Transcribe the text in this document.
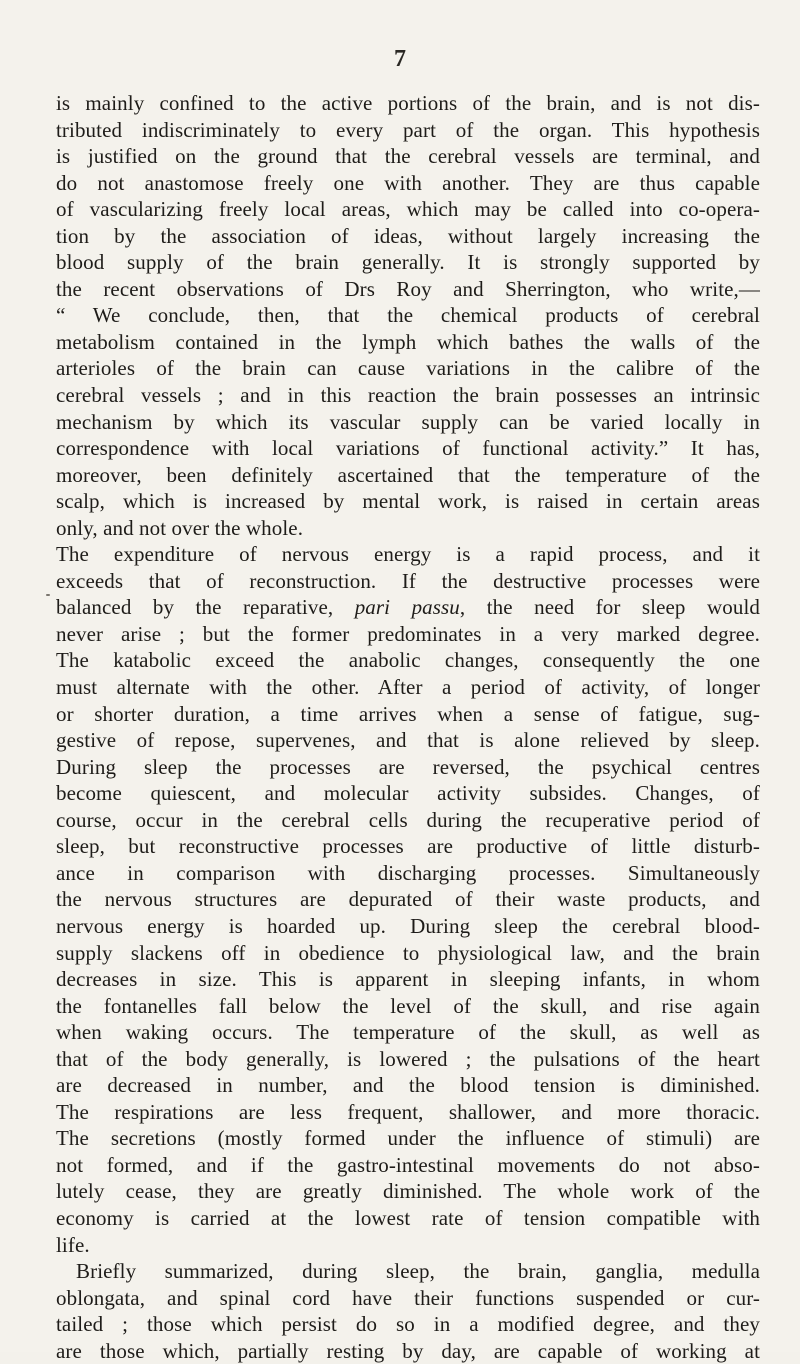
7
is mainly confined to the active portions of the brain, and is not dis-
tributed indiscriminately to every part of the organ. This hypothesis
is justified on the ground that the cerebral vessels are terminal, and
do not anastomose freely one with another. They are thus capable
of vascularizing freely local areas, which may be called into co-opera-
tion by the association of ideas, without largely increasing the
blood supply of the brain generally. It is strongly supported by
the recent observations of Drs Roy and Sherrington, who write,—
“ We conclude, then, that the chemical products of cerebral
metabolism contained in the lymph which bathes the walls of the
arterioles of the brain can cause variations in the calibre of the
cerebral vessels ; and in this reaction the brain possesses an intrinsic
mechanism by which its vascular supply can be varied locally in
correspondence with local variations of functional activity.” It has,
moreover, been definitely ascertained that the temperature of the
scalp, which is increased by mental work, is raised in certain areas
only, and not over the whole.
The expenditure of nervous energy is a rapid process, and it
exceeds that of reconstruction. If the destructive processes were
balanced by the reparative, pari passu, the need for sleep would
never arise ; but the former predominates in a very marked degree.
The katabolic exceed the anabolic changes, consequently the one
must alternate with the other. After a period of activity, of longer
or shorter duration, a time arrives when a sense of fatigue, sug-
gestive of repose, supervenes, and that is alone relieved by sleep.
During sleep the processes are reversed, the psychical centres
become quiescent, and molecular activity subsides. Changes, of
course, occur in the cerebral cells during the recuperative period of
sleep, but reconstructive processes are productive of little disturb-
ance in comparison with discharging processes. Simultaneously
the nervous structures are depurated of their waste products, and
nervous energy is hoarded up. During sleep the cerebral blood-
supply slackens off in obedience to physiological law, and the brain
decreases in size. This is apparent in sleeping infants, in whom
the fontanelles fall below the level of the skull, and rise again
when waking occurs. The temperature of the skull, as well as
that of the body generally, is lowered ; the pulsations of the heart
are decreased in number, and the blood tension is diminished.
The respirations are less frequent, shallower, and more thoracic.
The secretions (mostly formed under the influence of stimuli) are
not formed, and if the gastro-intestinal movements do not abso-
lutely cease, they are greatly diminished. The whole work of the
economy is carried at the lowest rate of tension compatible with
life.
Briefly summarized, during sleep, the brain, ganglia, medulla
oblongata, and spinal cord have their functions suspended or cur-
tailed ; those which persist do so in a modified degree, and they
are those which, partially resting by day, are capable of working at
